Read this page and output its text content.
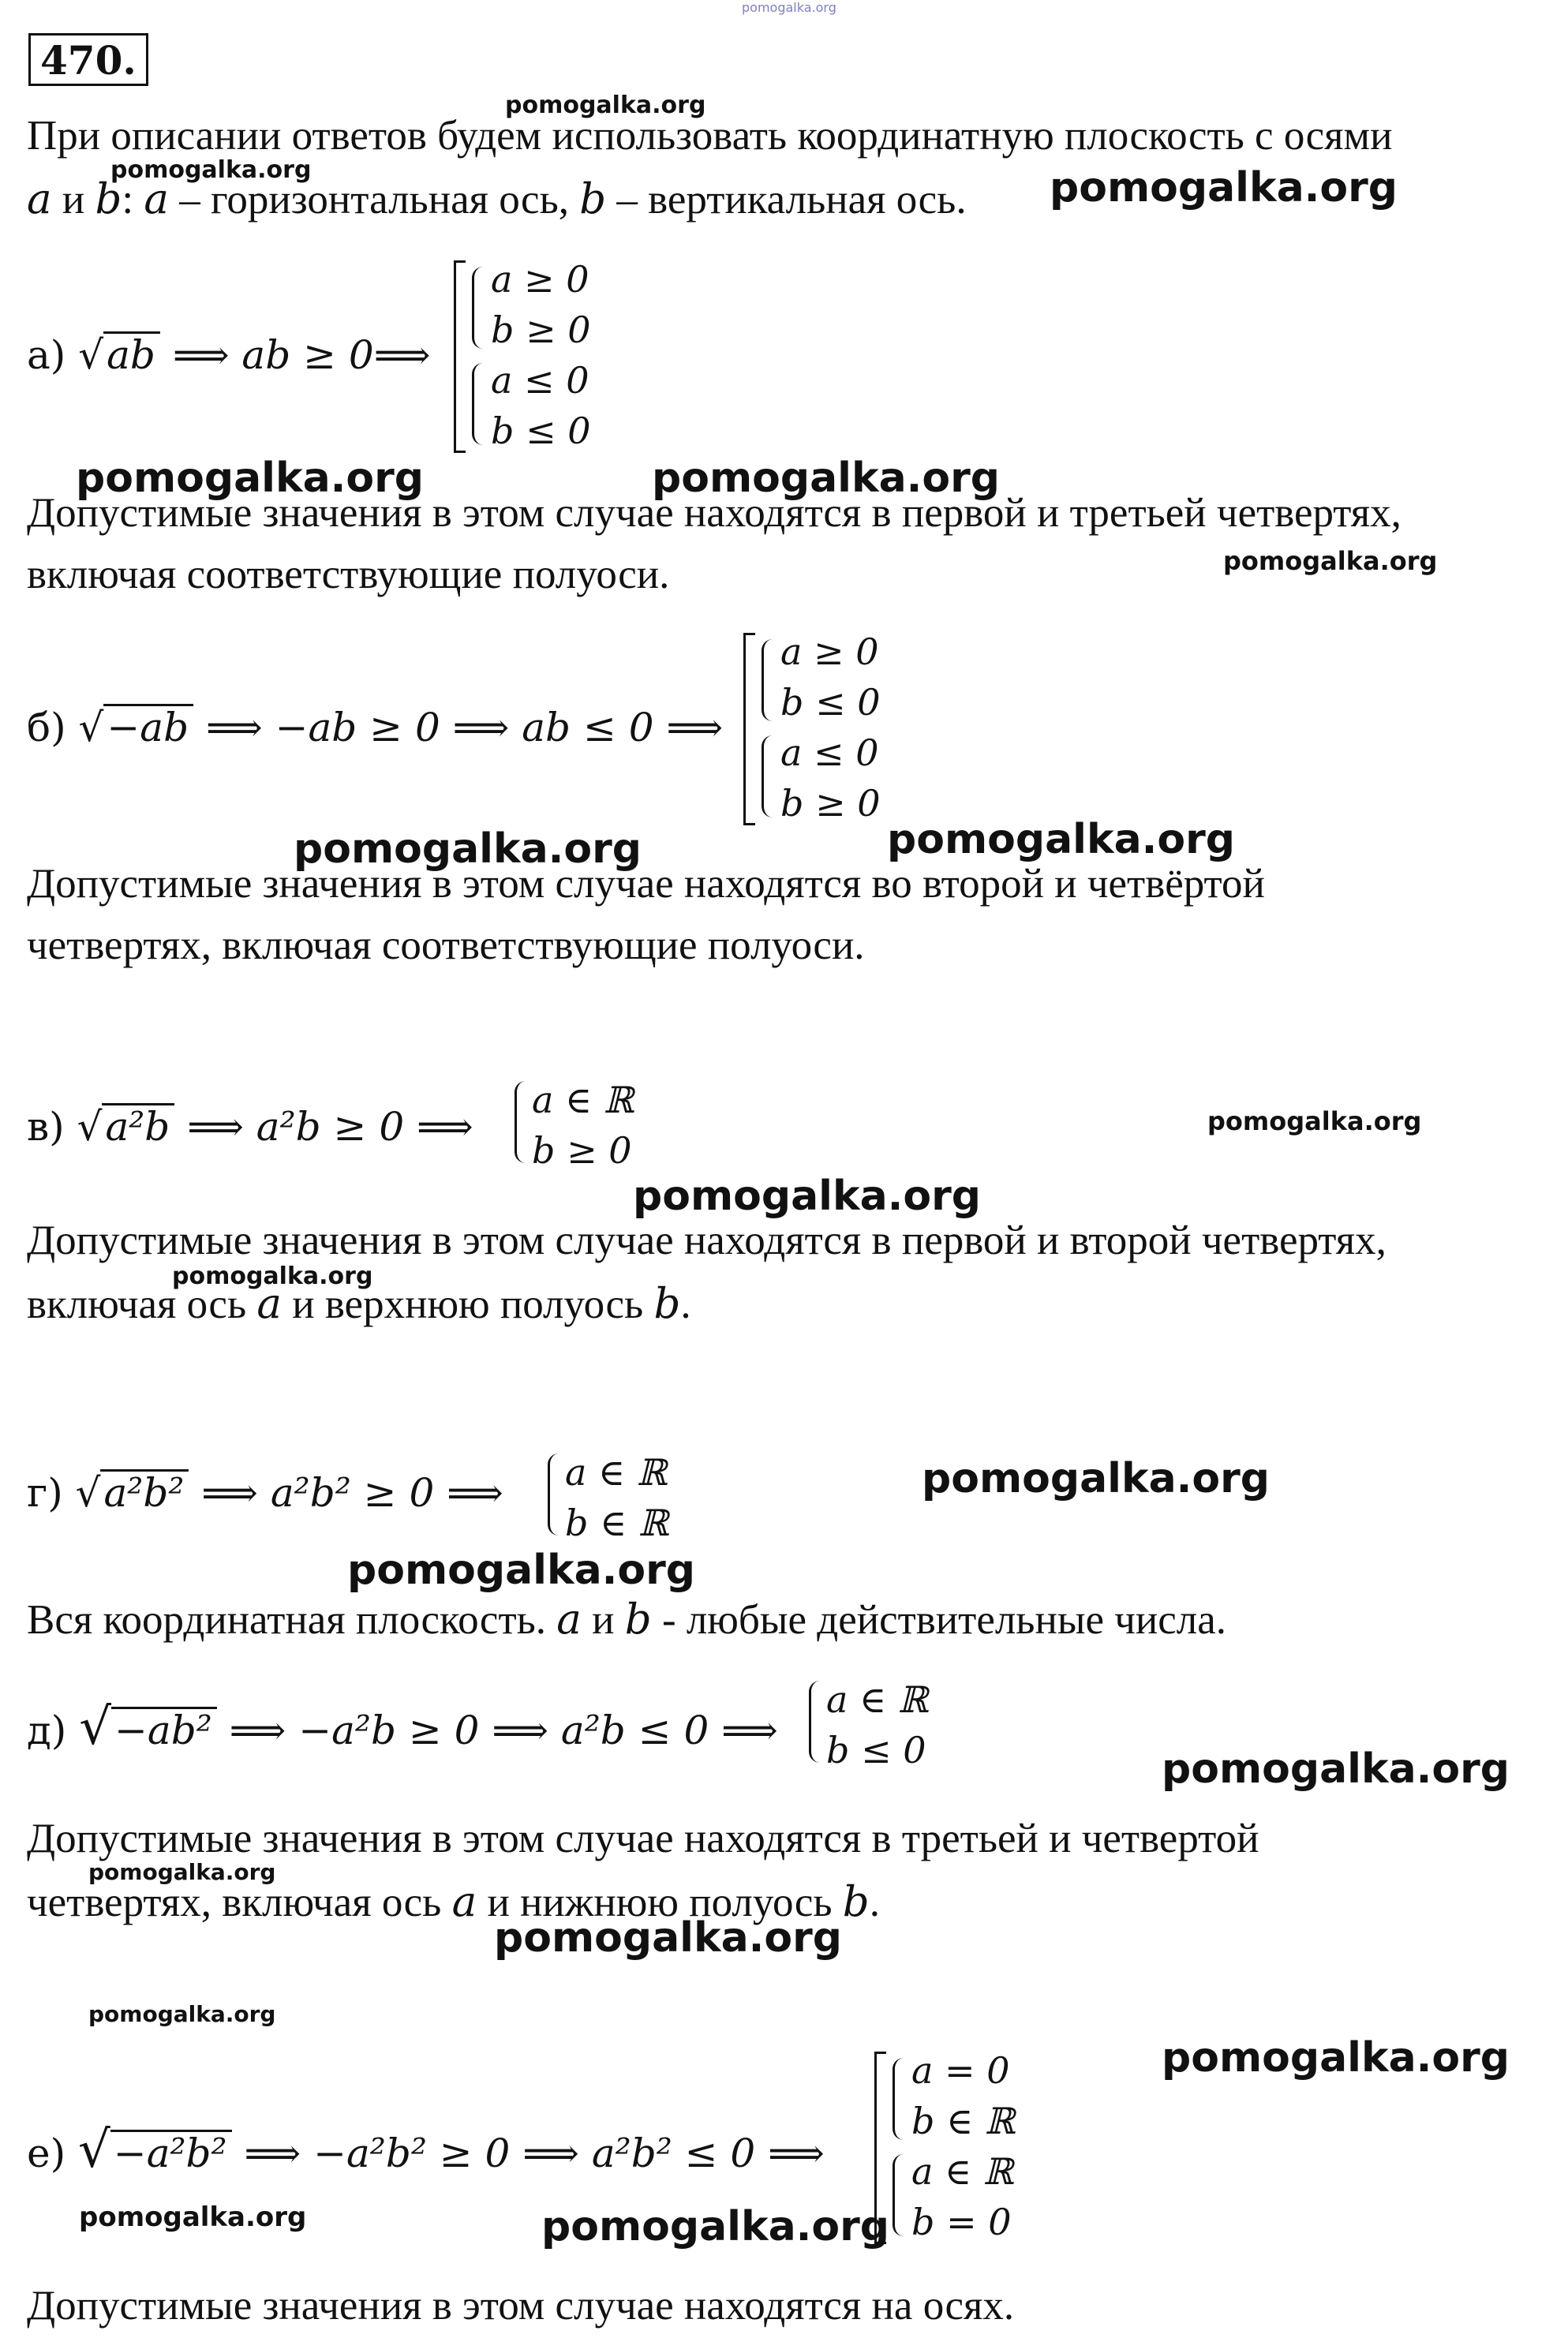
pomogalka.org
470.
При описании ответов будем использовать координатную плоскость с осями
a и b: a – горизонтальная ось, b – вертикальная ось.
а) √ab ⟹ ab ≥ 0⟹
a ≥ 0
b ≥ 0
a ≤ 0
b ≤ 0
Допустимые значения в этом случае находятся в первой и третьей четвертях,
включая соответствующие полуоси.
б) √−ab ⟹ −ab ≥ 0 ⟹ ab ≤ 0 ⟹
a ≥ 0
b ≤ 0
a ≤ 0
b ≥ 0
Допустимые значения в этом случае находятся во второй и четвёртой
четвертях, включая соответствующие полуоси.
в) √a²b ⟹ a²b ≥ 0 ⟹
a ∈ ℝ
b ≥ 0
Допустимые значения в этом случае находятся в первой и второй четвертях,
включая ось a и верхнюю полуось b.
г) √a²b² ⟹ a²b² ≥ 0 ⟹ a ∈ ℝ
b ∈ ℝ
Вся координатная плоскость. a и b - любые действительные числа.
д) √−ab² ⟹ −a²b ≥ 0 ⟹ a²b ≤ 0 ⟹
a ∈ ℝ
b ≤ 0
Допустимые значения в этом случае находятся в третьей и четвертой
четвертях, включая ось a и нижнюю полуось b.
е) √−a²b² ⟹ −a²b² ≥ 0 ⟹ a²b² ≤ 0 ⟹
a = 0
b ∈ ℝ
a ∈ ℝ
b = 0
Допустимые значения в этом случае находятся на осях.
pomogalka.org
pomogalka.org	pomogalka.org
pomogalka.org	pomogalka.org
pomogalka.org
pomogalka.org	pomogalka.org
pomogalka.org
pomogalka.org
pomogalka.org
pomogalka.org
pomogalka.org
pomogalka.org
pomogalka.org
pomogalka.org
pomogalka.org
pomogalka.org
pomogalka.org	pomogalka.org
